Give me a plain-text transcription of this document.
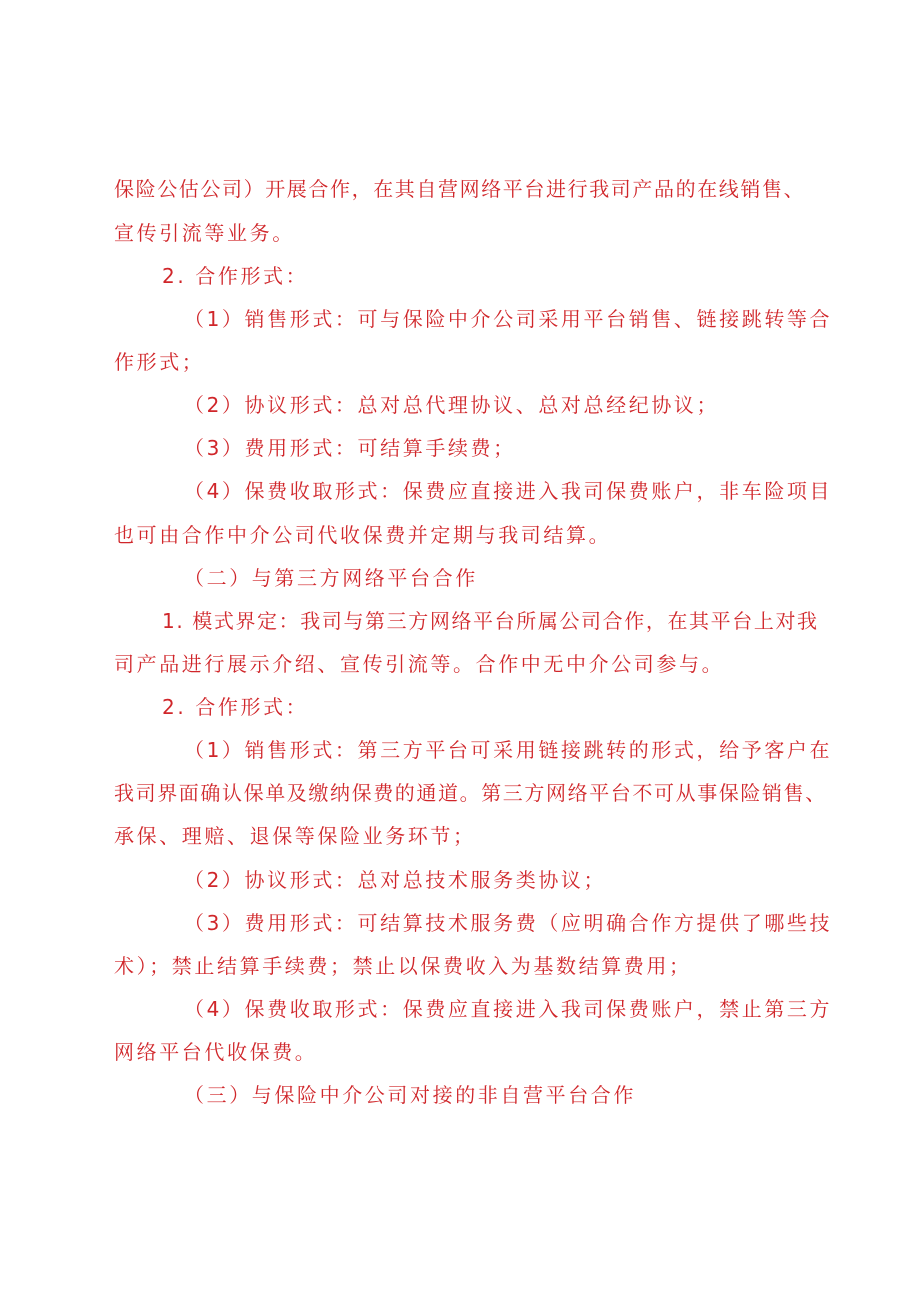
保险公估公司）开展合作，在其自营网络平台进行我司产品的在线销售、
宣传引流等业务。
2. 合作形式：
（1）销售形式：可与保险中介公司采用平台销售、链接跳转等合
作形式；
（2）协议形式：总对总代理协议、总对总经纪协议；
（3）费用形式：可结算手续费；
（4）保费收取形式：保费应直接进入我司保费账户，非车险项目
也可由合作中介公司代收保费并定期与我司结算。
（二）与第三方网络平台合作
1. 模式界定：我司与第三方网络平台所属公司合作，在其平台上对我
司产品进行展示介绍、宣传引流等。合作中无中介公司参与。
2. 合作形式：
（1）销售形式：第三方平台可采用链接跳转的形式，给予客户在
我司界面确认保单及缴纳保费的通道。第三方网络平台不可从事保险销售、
承保、理赔、退保等保险业务环节；
（2）协议形式：总对总技术服务类协议；
（3）费用形式：可结算技术服务费（应明确合作方提供了哪些技
术）；禁止结算手续费；禁止以保费收入为基数结算费用；
（4）保费收取形式：保费应直接进入我司保费账户，禁止第三方
网络平台代收保费。
（三）与保险中介公司对接的非自营平台合作
